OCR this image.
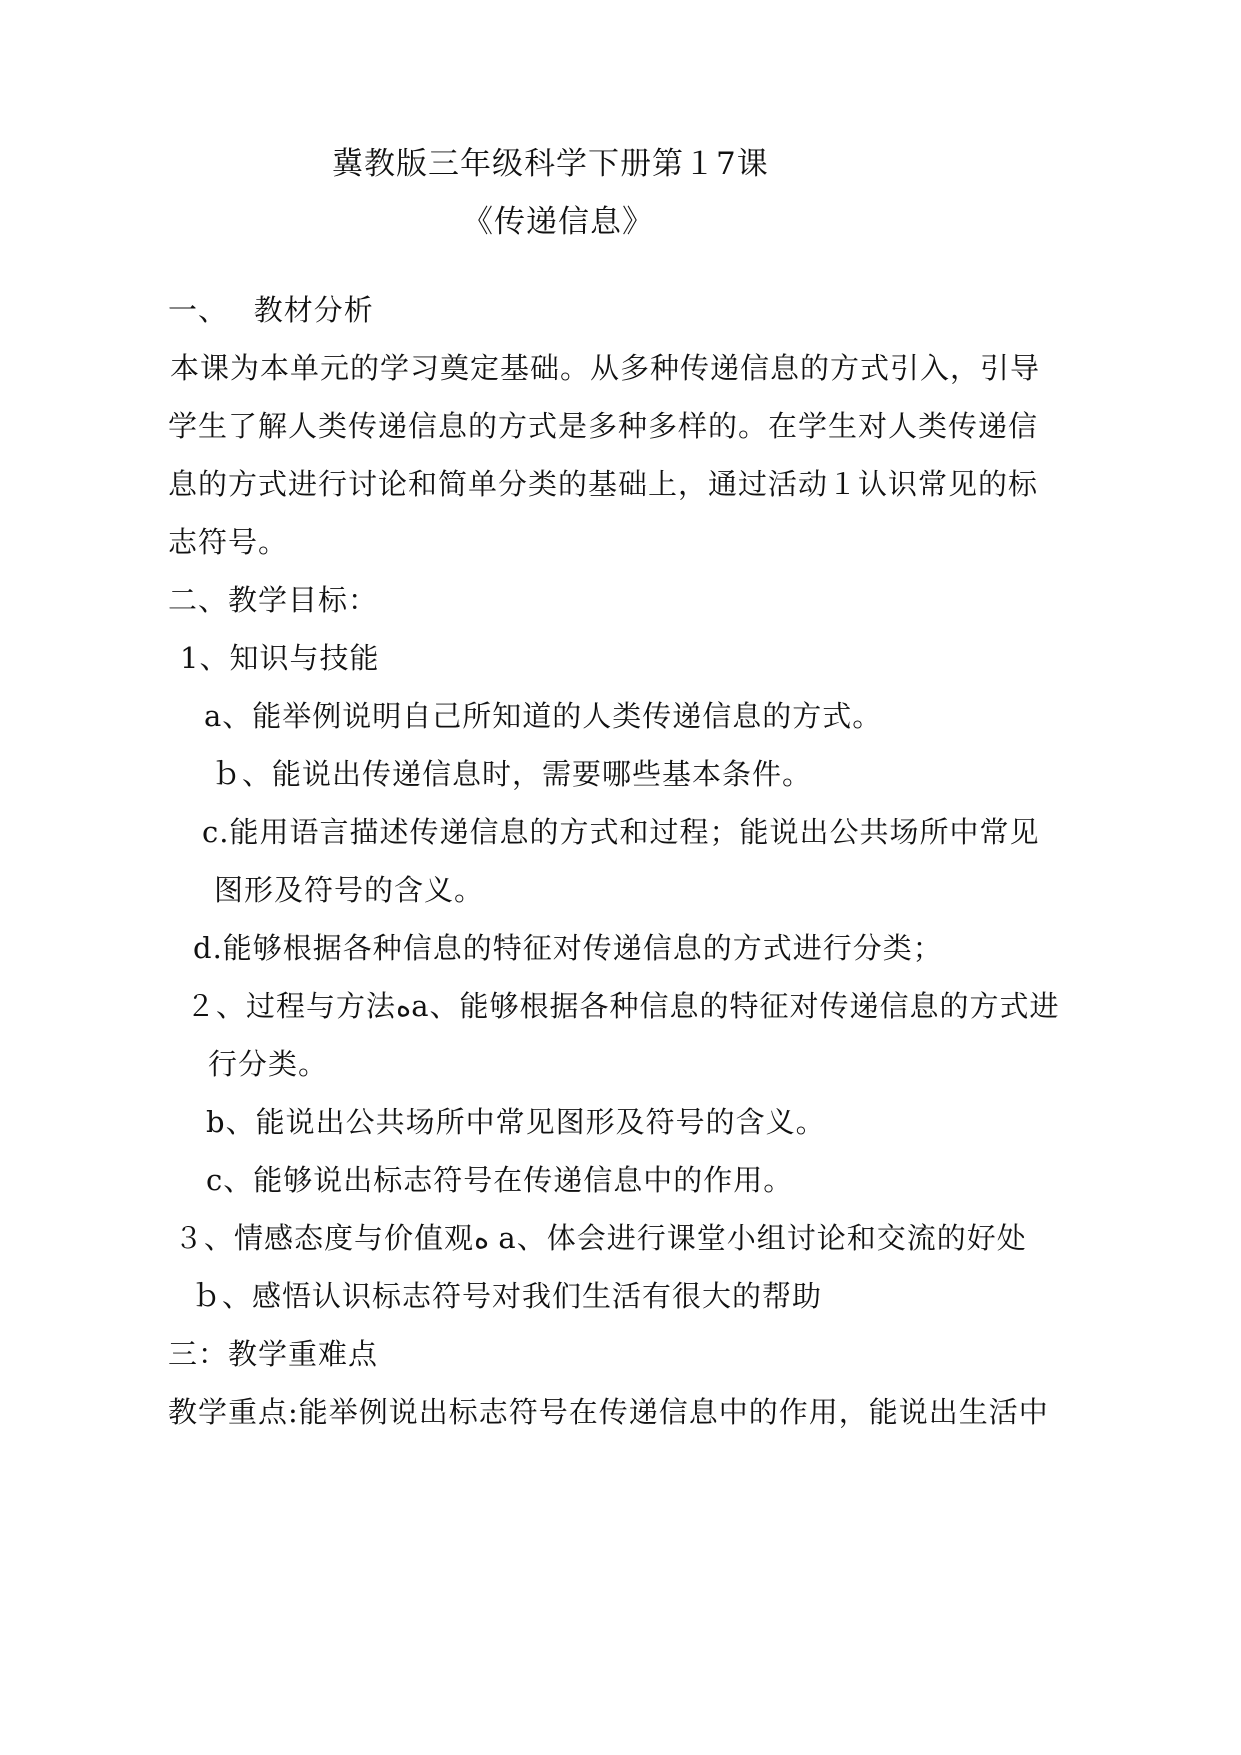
冀教版三年级科学下册第１7课
《传递信息》
一、　 教材分析
本课为本单元的学习奠定基础。从多种传递信息的方式引入，引导
学生了解人类传递信息的方式是多种多样的。在学生对人类传递信
息的方式进行讨论和简单分类的基础上，通过活动１认识常见的标
志符号。
二、教学目标：
1、知识与技能
a、能举例说明自己所知道的人类传递信息的方式。
ｂ、能说出传递信息时，需要哪些基本条件。
c.能用语言描述传递信息的方式和过程；能说出公共场所中常见
图形及符号的含义。
d.能够根据各种信息的特征对传递信息的方式进行分类；
２、过程与方法ﻩa、能够根据各种信息的特征对传递信息的方式进
行分类。
b、能说出公共场所中常见图形及符号的含义。
c、能够说出标志符号在传递信息中的作用。
３、情感态度与价值观ﻩ a、体会进行课堂小组讨论和交流的好处
ｂ、感悟认识标志符号对我们生活有很大的帮助
三：教学重难点
教学重点:能举例说出标志符号在传递信息中的作用，能说出生活中
